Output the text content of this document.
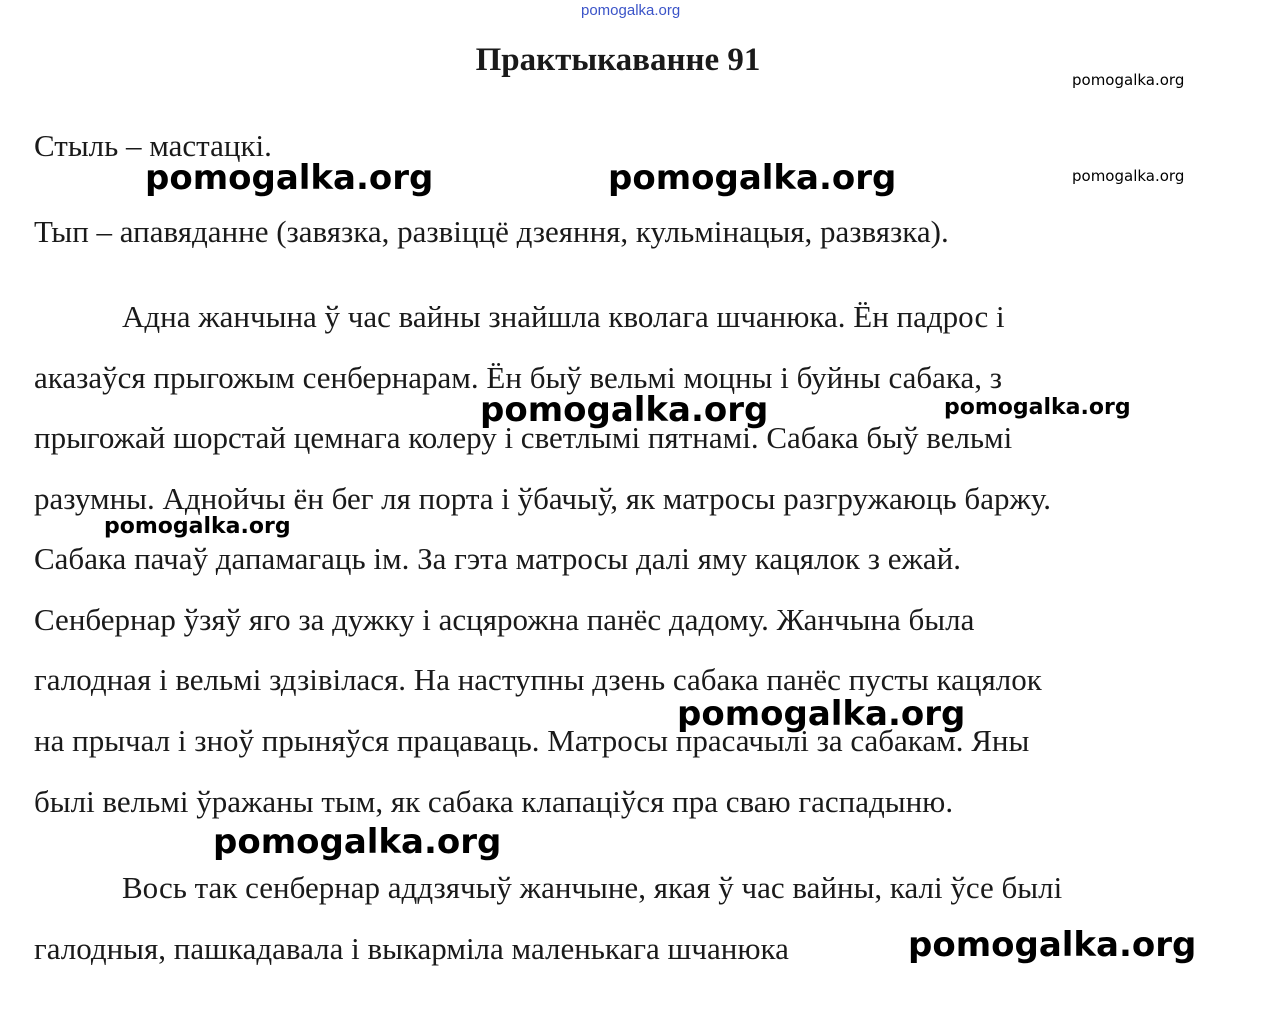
pomogalka.org
Практыкаванне 91
pomogalka.org
pomogalka.org
Стыль – мастацкі.
pomogalka.org	pomogalka.org
Тып – апавяданне (завязка, развіццё дзеяння, кульмінацыя, развязка).
Адна жанчына ў час вайны знайшла кволага шчанюка. Ён падрос і
аказаўся прыгожым сенбернарам. Ён быў вельмі моцны і буйны сабака, з
прыгожай шорстай цемнага колеру і светлымі пятнамі. Сабака быў вельмі
разумны. Аднойчы ён бег ля порта і ўбачыў, як матросы разгружаюць баржу.
Сабака пачаў дапамагаць ім. За гэта матросы далі яму кацялок з ежай.
Сенбернар ўзяў яго за дужку і асцярожна панёс дадому. Жанчына была
галодная і вельмі здзівілася. На наступны дзень сабака панёс пусты кацялок
на прычал і зноў прыняўся працаваць. Матросы прасачылі за сабакам. Яны
былі вельмі ўражаны тым, як сабака клапаціўся пра сваю гаспадыню.
pomogalka.org	pomogalka.org
pomogalka.org
pomogalka.org
pomogalka.org
Вось так сенбернар аддзячыў жанчыне, якая ў час вайны, калі ўсе былі
галодныя, пашкадавала і выкарміла маленькага шчанюка	pomogalka.org
